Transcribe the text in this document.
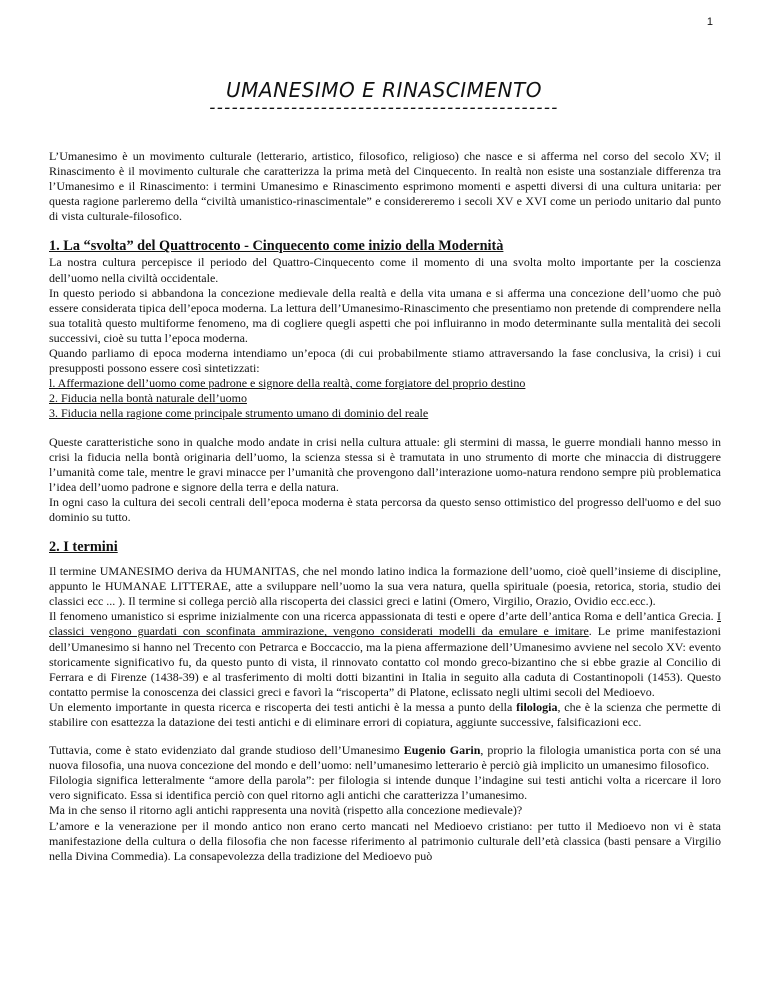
1
UMANESIMO E RINASCIMENTO
-----------------------------------------------

L’Umanesimo è un movimento culturale (letterario, artistico, filosofico, religioso) che nasce e si afferma nel corso del secolo XV; il Rinascimento è il movimento culturale che caratterizza la prima metà del Cinquecento. In realtà non esiste una sostanziale differenza tra l’Umanesimo e il Rinascimento: i termini Umanesimo e Rinascimento esprimono momenti e aspetti diversi di una cultura unitaria: per questa ragione parleremo della “civiltà umanistico-rinascimentale” e considereremo i secoli XV e XVI come un periodo unitario dal punto di vista culturale-filosofico.

1. La “svolta” del Quattrocento - Cinquecento come inizio della Modernità

La nostra cultura percepisce il periodo del Quattro-Cinquecento come il momento di una svolta molto importante per la coscienza dell’uomo nella civiltà occidentale.

In questo periodo si abbandona la concezione medievale della realtà e della vita umana e si afferma una concezione dell’uomo che può essere considerata tipica dell’epoca moderna. La lettura dell’Umanesimo-Rinascimento che presentiamo non pretende di comprendere nella sua totalità questo multiforme fenomeno, ma di cogliere quegli aspetti che poi influiranno in modo determinante sulla mentalità dei secoli successivi, cioè su tutta l’epoca moderna.

Quando parliamo di epoca moderna intendiamo un’epoca (di cui probabilmente stiamo attraversando la fase conclusiva, la crisi) i cui presupposti possono essere così sintetizzati:

l. Affermazione dell’uomo come padrone e signore della realtà, come forgiatore del proprio destino

2. Fiducia nella bontà naturale dell’uomo

3. Fiducia nella ragione come principale strumento umano di dominio del reale

Queste caratteristiche sono in qualche modo andate in crisi nella cultura attuale: gli stermini di massa, le guerre mondiali hanno messo in crisi la fiducia nella bontà originaria dell’uomo, la scienza stessa si è tramutata in uno strumento di morte che minaccia di distruggere l’umanità come tale, mentre le gravi minacce per l’umanità che provengono dall’interazione uomo-natura rendono sempre più problematica l’idea dell’uomo padrone e signore della terra e della natura.

In ogni caso la cultura dei secoli centrali dell’epoca moderna è stata percorsa da questo senso ottimistico del progresso dell'uomo e del suo dominio su tutto.

2. I termini

Il termine UMANESIMO deriva da HUMANITAS, che nel mondo latino indica la formazione dell’uomo, cioè quell’insieme di discipline, appunto le HUMANAE LITTERAE, atte a sviluppare nell’uomo la sua vera natura, quella spirituale (poesia, retorica, storia, studio dei classici ecc ... ). Il termine si collega perciò alla riscoperta dei classici greci e latini (Omero, Virgilio, Orazio, Ovidio ecc.ecc.).

Il fenomeno umanistico si esprime inizialmente con una ricerca appassionata di testi e opere d’arte dell’antica Roma e dell’antica Grecia. I classici vengono guardati con sconfinata ammirazione, vengono considerati modelli da emulare e imitare. Le prime manifestazioni dell’Umanesimo si hanno nel Trecento con Petrarca e Boccaccio, ma la piena affermazione dell’Umanesimo avviene nel secolo XV: evento storicamente significativo fu, da questo punto di vista, il rinnovato contatto col mondo greco-bizantino che si ebbe grazie al Concilio di Ferrara e di Firenze (1438-39) e al trasferimento di molti dotti bizantini in Italia in seguito alla caduta di Costantinopoli (1453). Questo contatto permise la conoscenza dei classici greci e favorì la “riscoperta” di Platone, eclissato negli ultimi secoli del Medioevo.

Un elemento importante in questa ricerca e riscoperta dei testi antichi è la messa a punto della filologia, che è la scienza che permette di stabilire con esattezza la datazione dei testi antichi e di eliminare errori di copiatura, aggiunte successive, falsificazioni ecc.

Tuttavia, come è stato evidenziato dal grande studioso dell’Umanesimo Eugenio Garin, proprio la filologia umanistica porta con sé una nuova filosofia, una nuova concezione del mondo e dell’uomo: nell’umanesimo letterario è perciò già implicito un umanesimo filosofico.

Filologia significa letteralmente “amore della parola”: per filologia si intende dunque l’indagine sui testi antichi volta a ricercare il loro vero significato. Essa si identifica perciò con quel ritorno agli antichi che caratterizza l’umanesimo.

Ma in che senso il ritorno agli antichi rappresenta una novità (rispetto alla concezione medievale)?

L’amore e la venerazione per il mondo antico non erano certo mancati nel Medioevo cristiano: per tutto il Medioevo non vi è stata manifestazione della cultura o della filosofia che non facesse riferimento al patrimonio culturale dell’età classica (basti pensare a Virgilio nella Divina Commedia). La consapevolezza della tradizione del Medioevo può
